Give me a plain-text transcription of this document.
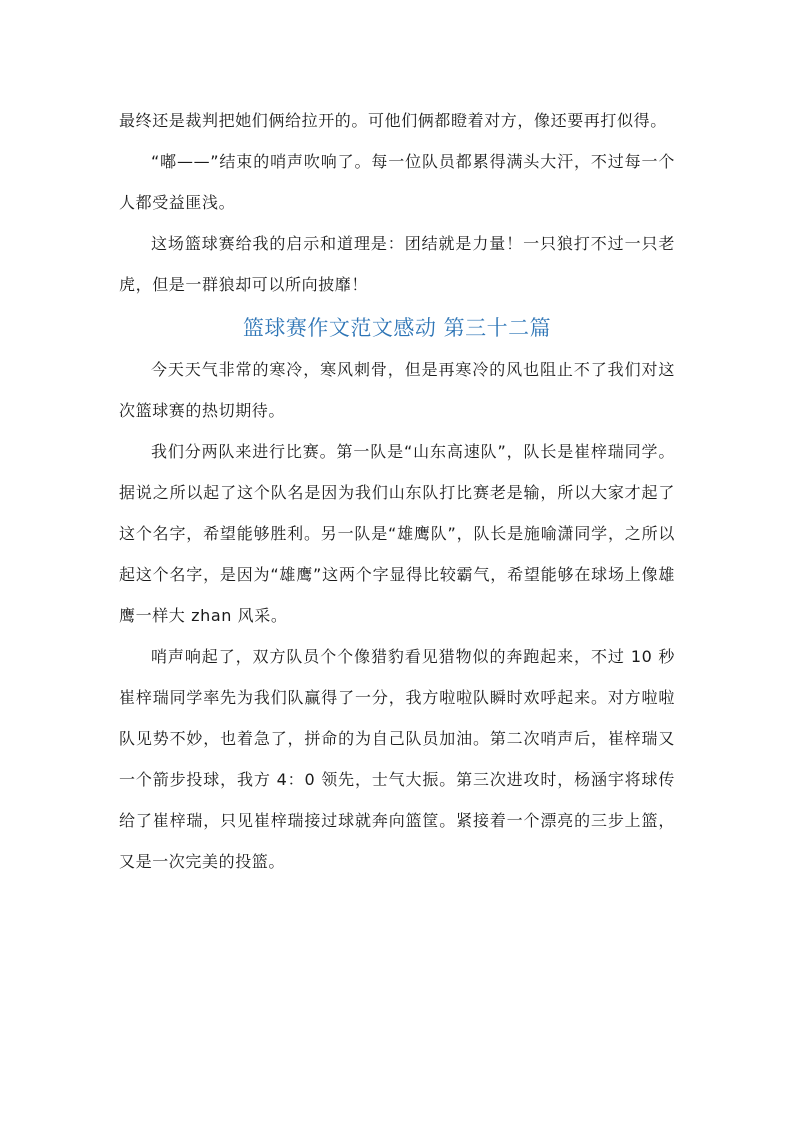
最终还是裁判把她们俩给拉开的。可他们俩都瞪着对方，像还要再打似得。

“嘟——”结束的哨声吹响了。每一位队员都累得满头大汗，不过每一个人都受益匪浅。

这场篮球赛给我的启示和道理是：团结就是力量！一只狼打不过一只老虎，但是一群狼却可以所向披靡！

篮球赛作文范文感动 第三十二篇

今天天气非常的寒冷，寒风刺骨，但是再寒冷的风也阻止不了我们对这次篮球赛的热切期待。

我们分两队来进行比赛。第一队是“山东高速队”，队长是崔梓瑞同学。据说之所以起了这个队名是因为我们山东队打比赛老是输，所以大家才起了这个名字，希望能够胜利。另一队是“雄鹰队”，队长是施喻潇同学，之所以起这个名字，是因为“雄鹰”这两个字显得比较霸气，希望能够在球场上像雄鹰一样大 zhan 风采。

哨声响起了，双方队员个个像猎豹看见猎物似的奔跑起来，不过 10 秒崔梓瑞同学率先为我们队赢得了一分，我方啦啦队瞬时欢呼起来。对方啦啦队见势不妙，也着急了，拼命的为自己队员加油。第二次哨声后，崔梓瑞又一个箭步投球，我方 4：0 领先，士气大振。第三次进攻时，杨涵宇将球传给了崔梓瑞，只见崔梓瑞接过球就奔向篮筐。紧接着一个漂亮的三步上篮，又是一次完美的投篮。
